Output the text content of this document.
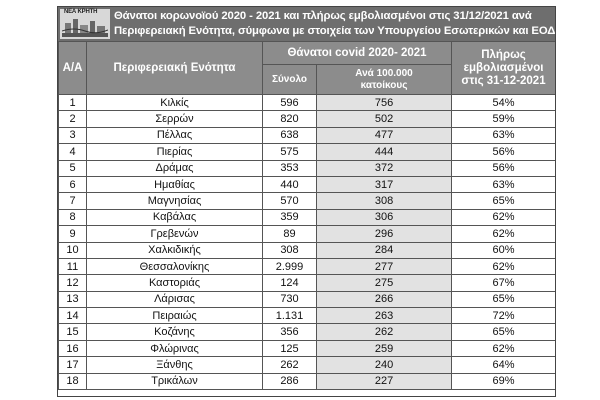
ΝΕΑ ΚΡΗΤΗ Θάνατοι κορωνοϊού 2020 - 2021 και πλήρως εμβολιασμένοι στις 31/12/2021 ανά
Περιφερειακή Ενότητα, σύμφωνα με στοιχεία των Υπουργείου Εσωτερικών και ΕΟΔ
Α/Α	Περιφερειακή Ενότητα	Θάνατοι covid 2020- 2021		Πλήρως
εμβολιασμένοι
στις 31-12-2021

		Σύνολο	Ανά 100.000
κατοίκους	

1	Κιλκίς	596	756	54%
2	Σερρών	820	502	59%
3	Πέλλας	638	477	63%
4	Πιερίας	575	444	56%
5	Δράμας	353	372	56%
6	Ημαθίας	440	317	63%
7	Μαγνησίας	570	308	65%
8	Καβάλας	359	306	62%
9	Γρεβενών	89	296	62%
10	Χαλκιδικής	308	284	60%
11	Θεσσαλονίκης	2.999	277	62%
12	Καστοριάς	124	275	67%
13	Λάρισας	730	266	65%
14	Πειραιώς	1.131	263	72%
15	Κοζάνης	356	262	65%
16	Φλώρινας	125	259	62%
17	Ξάνθης	262	240	64%
18	Τρικάλων	286	227	69%
